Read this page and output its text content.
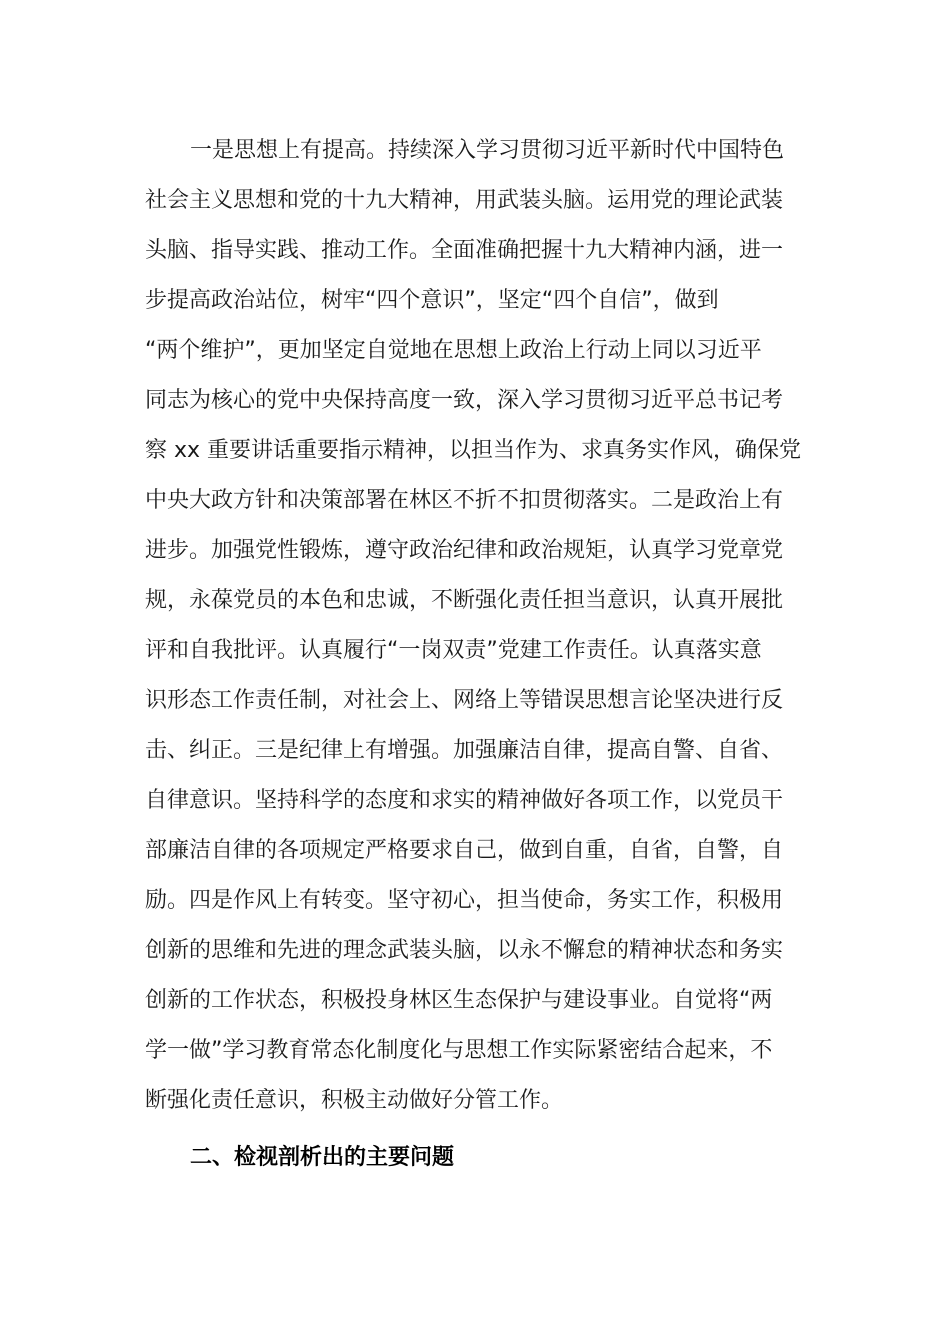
一是思想上有提高。持续深入学习贯彻习近平新时代中国特色
社会主义思想和党的十九大精神，用武装头脑。运用党的理论武装
头脑、指导实践、推动工作。全面准确把握十九大精神内涵，进一
步提高政治站位，树牢“四个意识”，坚定“四个自信”，做到
“两个维护”，更加坚定自觉地在思想上政治上行动上同以习近平
同志为核心的党中央保持高度一致，深入学习贯彻习近平总书记考
察 xx 重要讲话重要指示精神，以担当作为、求真务实作风，确保党
中央大政方针和决策部署在林区不折不扣贯彻落实。二是政治上有
进步。加强党性锻炼，遵守政治纪律和政治规矩，认真学习党章党
规，永葆党员的本色和忠诚，不断强化责任担当意识，认真开展批
评和自我批评。认真履行“一岗双责”党建工作责任。认真落实意
识形态工作责任制，对社会上、网络上等错误思想言论坚决进行反
击、纠正。三是纪律上有增强。加强廉洁自律，提高自警、自省、
自律意识。坚持科学的态度和求实的精神做好各项工作，以党员干
部廉洁自律的各项规定严格要求自己，做到自重，自省，自警，自
励。四是作风上有转变。坚守初心，担当使命，务实工作，积极用
创新的思维和先进的理念武装头脑，以永不懈怠的精神状态和务实
创新的工作状态，积极投身林区生态保护与建设事业。自觉将“两
学一做”学习教育常态化制度化与思想工作实际紧密结合起来，不
断强化责任意识，积极主动做好分管工作。
二、检视剖析出的主要问题
